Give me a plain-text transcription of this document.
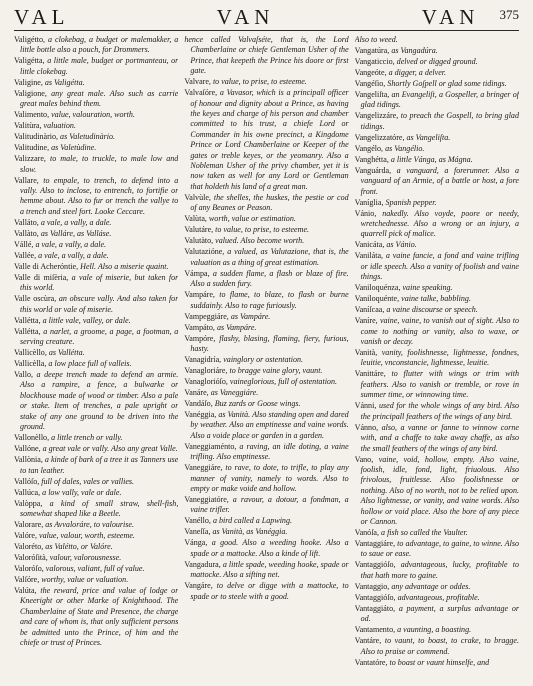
VAL	VAN	VAN 375

Valigétto, a clokebag, a budget or malemakker, a little bottle also a pouch, for Drommers.

Valigétta, a little male, budget or portmanteau, or little clokebag.

Valigine, as Valigétta.

Valigione, any great male. Also such as carrie great males behind them.

Valimento, value, valouration, worth.

Valitùra, valuation.

Valitudinàrio, as Valetudinàrio.

Valitudine, as Valetùdine.

Valizzare, to male, to truckle, to male low and slow.

Vallare, to empale, to trench, to defend into a vally. Also to inclose, to entrench, to fortifie or hemme about. Also to fur or trench the vallye to a trench and steel fort. Looke Ceccare.

Valláto, a vale, a vally, a dale.

Vallàto, as Valláre, as Valláse.

Vállé, a vale, a vally, a dale.

Vallée, a vale, a vally, a dale.

Valle di Acheróntie, Hell. Also a miserie quaint.

Valle di miſèria, a vale of miserie, but taken for this world.

Valle oscùra, an obscure vally. And also taken for this world or vale of miserie.

Vallétta, a little vale, valley, or dale.

Vallétta, a narlet, a groome, a page, a footman, a serving creature.

Vallicèllo, as Vallétta.

Vallicèlla, a low place full of valleis.

Vallo, a deepe trench made to defend an armie. Also a rampire, a fence, a bulwarke or blockhouse made of wood or timber. Also a pale or stake. Item of trenches, a pale upright or stake of any one ground to be driven into the ground.

Vallonèllo, a little trench or vally.

Vallóne, a great vale or vally. Also any great Valle.

Vallònia, a kinde of bark of a tree it as Tanners use to tan leather.

Vallóſo, full of dales, vales or vallies.

Vallúca, a low vally, vale or dale.

Valòppa, a kind of small straw, shell-fish, somewhat shaped like a Beetle.

Valorare, as Avvaloráre, to valourise.

Valóre, value, valour, worth, esteeme.

Valoréto, as Valétto, or Valóre.

Valoróſità, valour, valorousnesse.

Valoróſo, valorous, valiant, full of value.

Valſóre, worthy, value or valuation.

Valúta, the reward, price and value of lodge or Kneeright or other Marke of Knighthood. The Chamberlaine of State and Presence, the charge and care of whom is, that only sufficient persons be admitted unto the Prince, of him and the chiefe or trust of Princes.

hence called Valvaſséte, that is, the Lord Chamberlaine or chiefe Gentleman Usher of the Prince, that keepeth the Prince his doore or first gate.

Valvare, to value, to prise, to esteeme.

Valvaſóre, a Vavasor, which is a principall officer of honour and dignity about a Prince, as having the keyes and charge of his person and chamber committed to his trust, a chiefe Lord or Commander in his owne precinct, a Kingdome Prince or Lord Chamberlaine or Keeper of the gates or treble keyes, or the yeomanry. Also a Nobleman Usher of the privy chamber, yet it is now taken as well for any Lord or Gentleman that holdeth his land of a great man.

Valvùle, the shelles, the huskes, the pestie or cod of any Beanes or Peason.

Valùta, worth, value or estimation.

Valutáre, to value, to prise, to esteeme.

Valutàto, valued. Also become worth.

Valutazióne, a valued, as Valutazione, that is, the valuation as a thing of great estimation.

Vámpa, a sudden flame, a flash or blaze of fire. Also a sudden fury.

Vampáre, to flame, to blaze, to flash or burne suddainly. Also to rage furiously.

Vampeggiáre, as Vampáre.

Vampáto, as Vampáre.

Vampóre, flashy, blasing, flaming, fiery, furious, hasty.

Vanagidría, vainglory or ostentation.

Vanagloriáre, to bragge vaine glory, vaunt.

Vanaglorióſo, vaineglorious, full of ostentation.

Vanáre, as Vaneggiáre.

Vandáſo, Buz zards or Goose wings.

Vanéggia, as Vanità. Also standing open and dared by weather. Also an emptinesse and vaine words. Also a voide place or garden in a garden.

Vaneggiaménto, a raving, an idle doting, a vaine trifling. Also emptinesse.

Vaneggiáre, to rave, to dote, to trifle, to play any manner of vanity, namely to words. Also to empty or make voide and hollow.

Vaneggiatóre, a ravour, a dotour, a fondman, a vaine trifler.

Vanéllo, a bird called a Lapwing.

Vaneſſa, as Vanità, as Vanéggia.

Vánga, a good. Also a weeding hooke. Also a spade or a mattocke. Also a kinde of lift.

Vangadura, a little spade, weeding hooke, spade or mattocke. Also a sifting net.

Vangáre, to delve or digge with a mattocke, to spade or to steele with a good.

Also to weed.

Vangatúra, as Vangadúra.

Vangaticcio, delved or digged ground.

Vangeóte, a digger, a delver.

Vangéſio, Shortly Goſpell or glad some tidings.

Vangeliſta, an Evangeliſt, a Gospeller, a bringer of glad tidings.

Vangelizzáre, to preach the Gospell, to bring glad tidings.

Vangelizzatóre, as Vangeliſta.

Vangélo, as Vangélio.

Vanghétta, a little Vánga, as Mágna.

Vanguárda, a vanguard, a forerunner. Also a vanguard of an Armie, of a battle or host, a fore front.

Vaníglia, Spanish pepper.

Vánio, nakedly. Also voyde, poore or needy, wretchednesse. Also a wrong or an injury, a quarrell pick of malice.

Vanicáta, as Vánio.

Vaniláta, a vaine fancie, a fond and vaine trifling or idle speech. Also a vanity of foolish and vaine things.

Vaniloquénza, vaine speaking.

Vaniloquénte, vaine talke, babbling.

Vaníſcaa, a vaine discourse or speech.

Vaníre, vaine, vaine, to vanish out of sight. Also to come to nothing or vanity, also to waxe, or vanish or decay.

Vanità, vanity, foolishnesse, lightnesse, fondnes, leuitie, vnconstancie, lightnesse, leuitie.

Vanittáre, to flutter with wings or trim with feathers. Also to vanish or tremble, or rove in summer time, or winnowing time.

Vánni, used for the whole wings of any bird. Also the principall feathers of the wings of any bird.

Vánno, also, a vanne or fanne to winnow corne with, and a chaffe to take away chaffe, as also the small feathers of the wings of any bird.

Vano, vaine, void, hollow, empty. Also vaine, foolish, idle, fond, light, friuolous. Also frivolous, fruitlesse. Also foolishnesse or nothing. Also of no worth, not to be relied upon. Also lightnesse, or vanity, and vaine words. Also hollow or void place. Also the bore of any piece or Cannon.

Vanóſa, a fish so called the Vaulter.

Vantaggiáre, to advantage, to gaine, to winne. Also to saue or ease.

Vantaggióſo, advantageous, lucky, profitable to that hath more to gaine.

Vantaggio, any advantage or oddes.

Vantaggióſo, advantageous, profitable.

Vantaggiáto, a payment, a surplus advantage or od.

Vantamento, a vaunting, a boasting.

Vantáre, to vaunt, to boast, to crake, to bragge. Also to praise or commend.

Vantatóre, to boast or vaunt himselfe, and
